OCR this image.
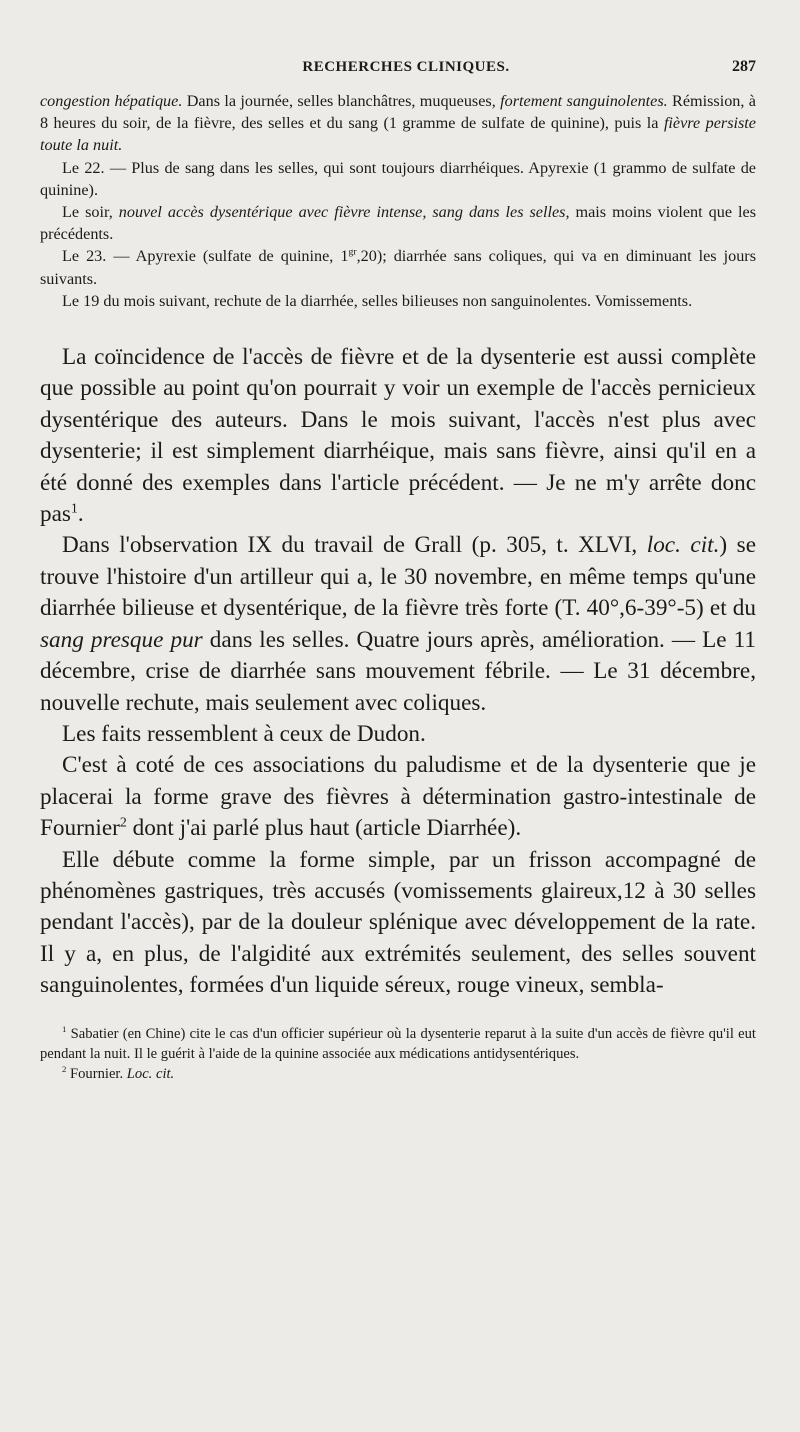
RECHERCHES CLINIQUES.	287

congestion hépatique. Dans la journée, selles blanchâtres, muqueuses, fortement sanguinolentes. Rémission, à 8 heures du soir, de la fièvre, des selles et du sang (1 gramme de sulfate de quinine), puis la fièvre persiste toute la nuit.

Le 22. — Plus de sang dans les selles, qui sont toujours diarrhéiques. Apyrexie (1 grammo de sulfate de quinine).

Le soir, nouvel accès dysentérique avec fièvre intense, sang dans les selles, mais moins violent que les précédents.

Le 23. — Apyrexie (sulfate de quinine, $1^{gr},20$); diarrhée sans coliques, qui va en diminuant les jours suivants.

Le 19 du mois suivant, rechute de la diarrhée, selles bilieuses non sanguinolentes. Vomissements.

La coïncidence de l'accès de fièvre et de la dysenterie est aussi complète que possible au point qu'on pourrait y voir un exemple de l'accès pernicieux dysentérique des auteurs. Dans le mois suivant, l'accès n'est plus avec dysenterie; il est simplement diarrhéique, mais sans fièvre, ainsi qu'il en a été donné des exemples dans l'article précédent. — Je ne m'y arrête donc pas$^1$.

Dans l'observation IX du travail de Grall (p. 305, t. XLVI, loc. cit.) se trouve l'histoire d'un artilleur qui a, le 30 novembre, en même temps qu'une diarrhée bilieuse et dysentérique, de la fièvre très forte (T. 40°,6-39°-5) et du sang presque pur dans les selles. Quatre jours après, amélioration. — Le 11 décembre, crise de diarrhée sans mouvement fébrile. — Le 31 décembre, nouvelle rechute, mais seulement avec coliques.

Les faits ressemblent à ceux de Dudon.

C'est à coté de ces associations du paludisme et de la dysenterie que je placerai la forme grave des fièvres à détermination gastro-intestinale de Fournier$^2$ dont j'ai parlé plus haut (article Diarrhée).

Elle débute comme la forme simple, par un frisson accompagné de phénomènes gastriques, très accusés (vomissements glaireux,12 à 30 selles pendant l'accès), par de la douleur splénique avec développement de la rate. Il y a, en plus, de l'algidité aux extrémités seulement, des selles souvent sanguinolentes, formées d'un liquide séreux, rouge vineux, sembla-

$^1$ Sabatier (en Chine) cite le cas d'un officier supérieur où la dysenterie reparut à la suite d'un accès de fièvre qu'il eut pendant la nuit. Il le guérit à l'aide de la quinine associée aux médications antidysentériques.

$^2$ Fournier. Loc. cit.
